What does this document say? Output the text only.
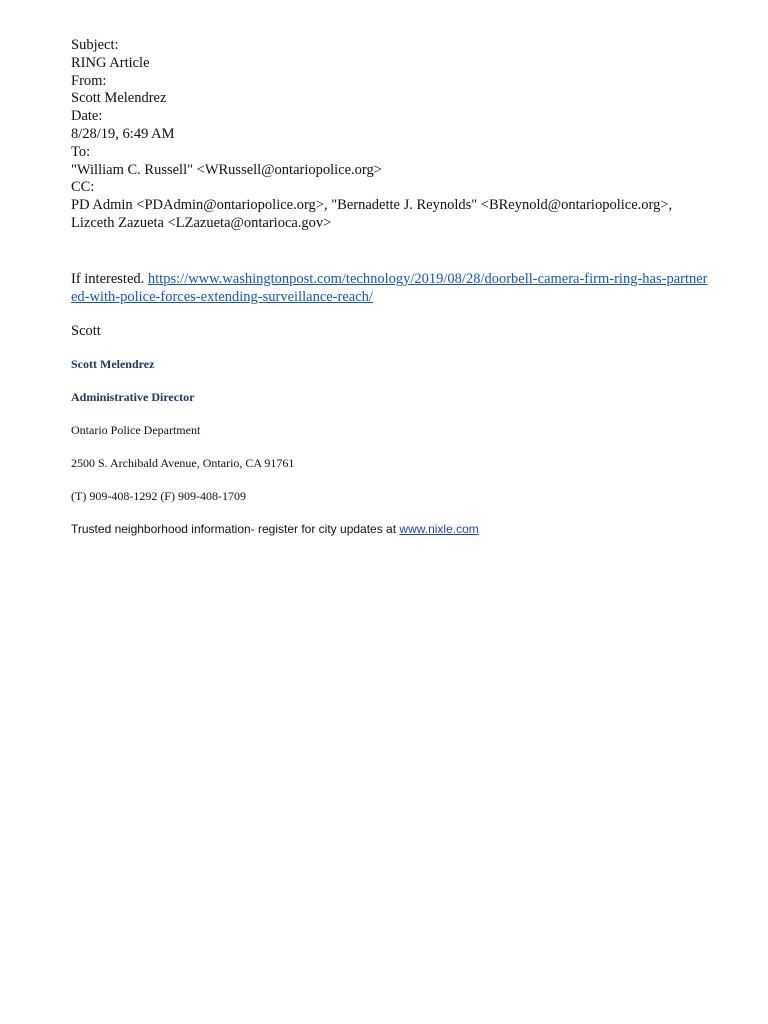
Subject:
RING Article
From:
Scott Melendrez
Date:
8/28/19, 6:49 AM
To:
"William C. Russell" <WRussell@ontariopolice.org>
CC:
PD Admin <PDAdmin@ontariopolice.org>, "Bernadette J. Reynolds" <BReynold@ontariopolice.org>, Lizceth Zazueta <LZazueta@ontarioca.gov>
If interested. https://www.washingtonpost.com/technology/2019/08/28/doorbell-camera-firm-ring-has-partnered-with-police-forces-extending-surveillance-reach/
Scott
Scott Melendrez
Administrative Director
Ontario Police Department
2500 S. Archibald Avenue, Ontario, CA 91761
(T) 909-408-1292 (F) 909-408-1709
Trusted neighborhood information- register for city updates at www.nixle.com
